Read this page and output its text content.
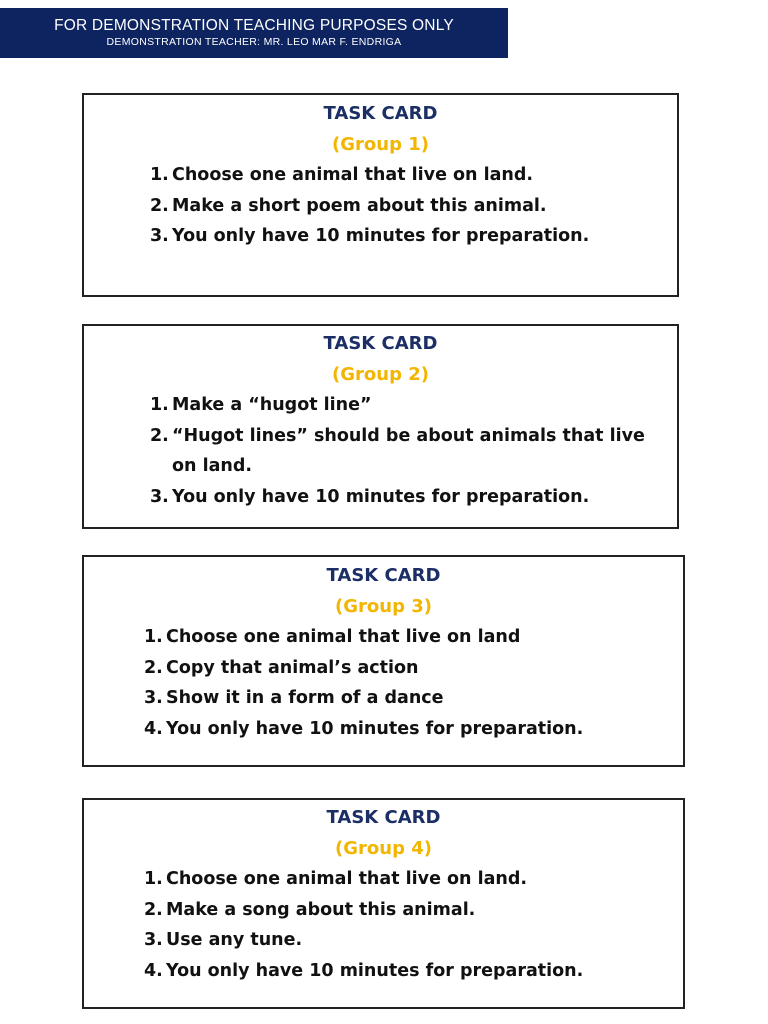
FOR DEMONSTRATION TEACHING PURPOSES ONLY
DEMONSTRATION TEACHER: MR. LEO MAR F. ENDRIGA
TASK CARD
(Group 1)
1. Choose one animal that live on land.
2. Make a short poem about this animal.
3. You only have 10 minutes for preparation.
TASK CARD
(Group 2)
1. Make a “hugot line”
2. “Hugot lines” should be about animals that live on land.
3. You only have 10 minutes for preparation.
TASK CARD
(Group 3)
1. Choose one animal that live on land
2. Copy that animal’s action
3. Show it in a form of a dance
4. You only have 10 minutes for preparation.
TASK CARD
(Group 4)
1. Choose one animal that live on land.
2. Make a song about this animal.
3. Use any tune.
4. You only have 10 minutes for preparation.
